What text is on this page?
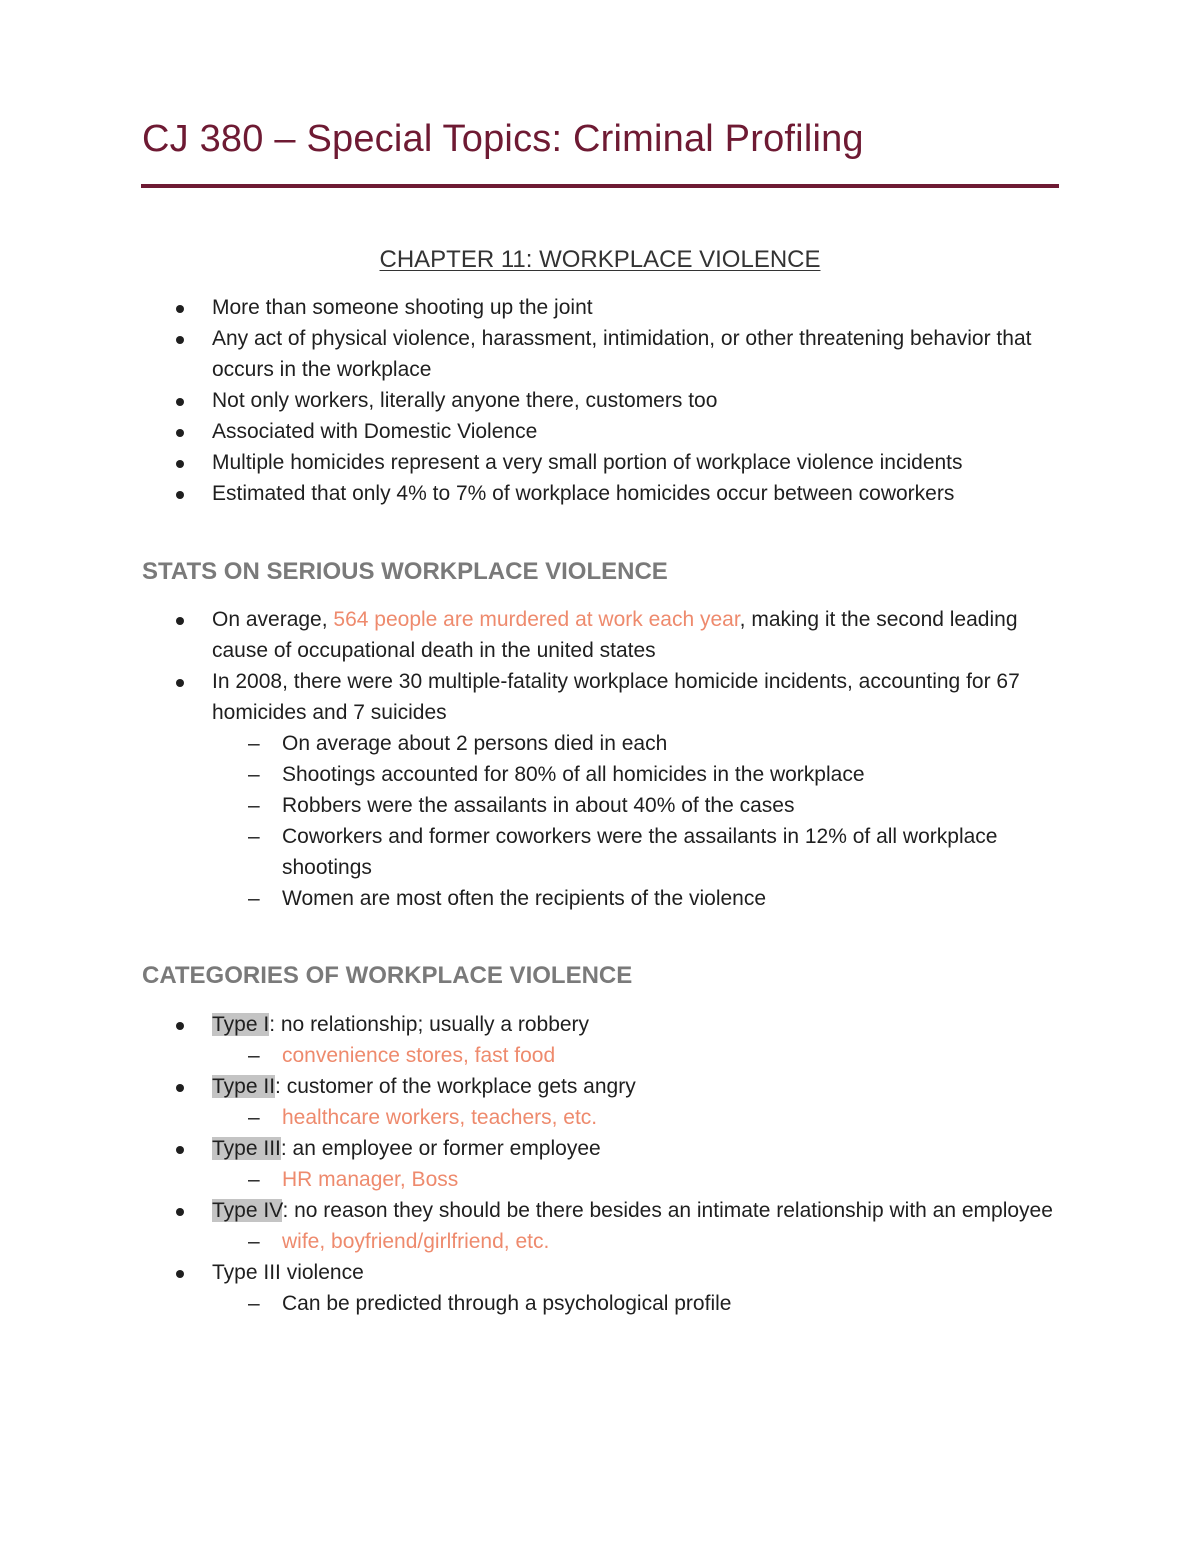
CJ 380 – Special Topics: Criminal Profiling
CHAPTER 11: WORKPLACE VIOLENCE
More than someone shooting up the joint
Any act of physical violence, harassment, intimidation, or other threatening behavior that occurs in the workplace
Not only workers, literally anyone there, customers too
Associated with Domestic Violence
Multiple homicides represent a very small portion of workplace violence incidents
Estimated that only 4% to 7% of workplace homicides occur between coworkers
STATS ON SERIOUS WORKPLACE VIOLENCE
On average, 564 people are murdered at work each year, making it the second leading cause of occupational death in the united states
In 2008, there were 30 multiple-fatality workplace homicide incidents, accounting for 67 homicides and 7 suicides
– On average about 2 persons died in each
– Shootings accounted for 80% of all homicides in the workplace
– Robbers were the assailants in about 40% of the cases
– Coworkers and former coworkers were the assailants in 12% of all workplace shootings
– Women are most often the recipients of the violence
CATEGORIES OF WORKPLACE VIOLENCE
Type I: no relationship; usually a robbery
– convenience stores, fast food
Type II: customer of the workplace gets angry
– healthcare workers, teachers, etc.
Type III: an employee or former employee
– HR manager, Boss
Type IV: no reason they should be there besides an intimate relationship with an employee
– wife, boyfriend/girlfriend, etc.
Type III violence
– Can be predicted through a psychological profile
